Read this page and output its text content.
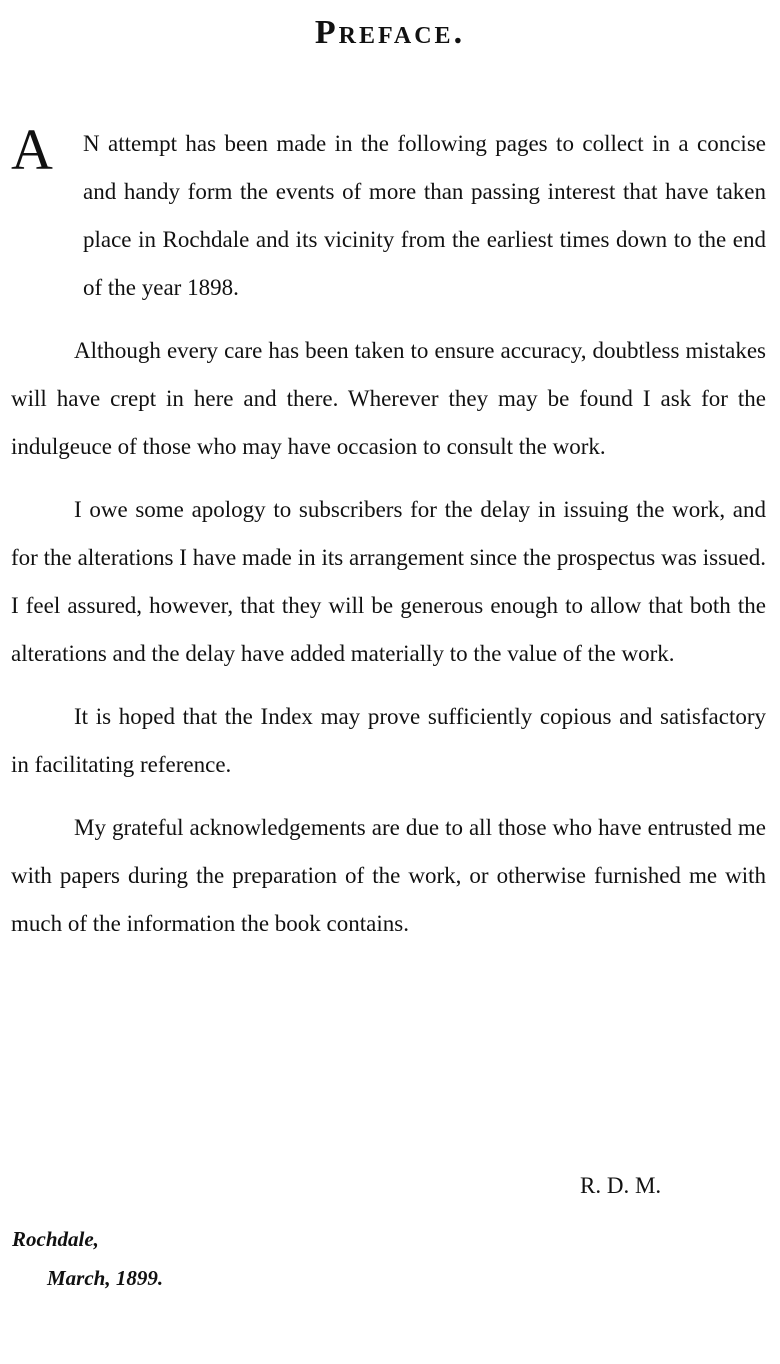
Preface.

A N attempt has been made in the following pages to collect in a concise and handy form the events of more than passing interest that have taken place in Rochdale and its vicinity from the earliest times down to the end of the year 1898.

Although every care has been taken to ensure accuracy, doubtless mistakes will have crept in here and there. Wherever they may be found I ask for the indulgeuce of those who may have occasion to consult the work.

I owe some apology to subscribers for the delay in issuing the work, and for the alterations I have made in its arrangement since the prospectus was issued. I feel assured, however, that they will be generous enough to allow that both the alterations and the delay have added materially to the value of the work.

It is hoped that the Index may prove sufficiently copious and satisfactory in facilitating reference.

My grateful acknowledgements are due to all those who have entrusted me with papers during the preparation of the work, or otherwise furnished me with much of the information the book contains.

R. D. M.

Rochdale,

March, 1899.
